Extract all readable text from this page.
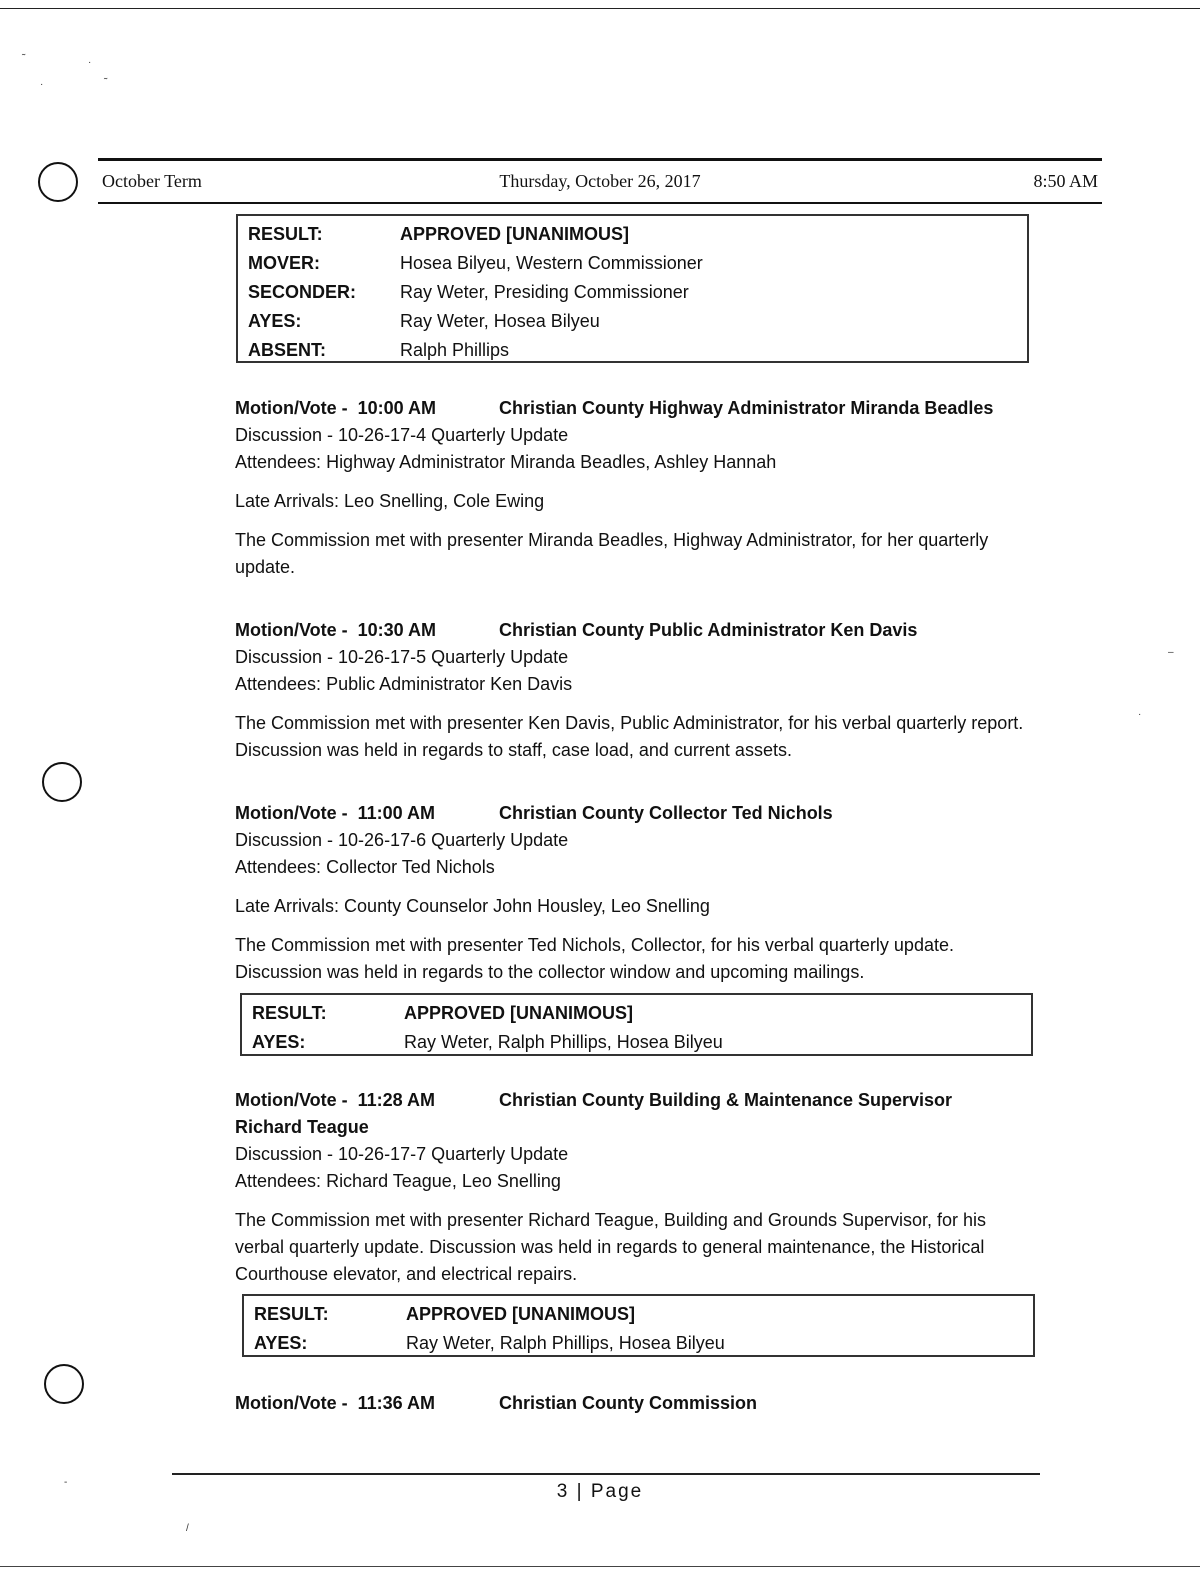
˜	·
·	˜
–
·
-
/
October Term	Thursday, October 26, 2017	8:50 AM
RESULT:	APPROVED [UNANIMOUS]
MOVER:	Hosea Bilyeu, Western Commissioner
SECONDER:	Ray Weter, Presiding Commissioner
AYES:	Ray Weter, Hosea Bilyeu
ABSENT:	Ralph Phillips
Motion/Vote -  10:00 AM	Christian County Highway Administrator Miranda Beadles
Discussion - 10-26-17-4 Quarterly Update
Attendees: Highway Administrator Miranda Beadles, Ashley Hannah
Late Arrivals: Leo Snelling, Cole Ewing

The Commission met with presenter Miranda Beadles, Highway Administrator, for her quarterly update.

Motion/Vote -  10:30 AM	Christian County Public Administrator Ken Davis
Discussion - 10-26-17-5 Quarterly Update
Attendees: Public Administrator Ken Davis

The Commission met with presenter Ken Davis, Public Administrator, for his verbal quarterly report. Discussion was held in regards to staff, case load, and current assets.

Motion/Vote -  11:00 AM	Christian County Collector Ted Nichols
Discussion - 10-26-17-6 Quarterly Update
Attendees: Collector Ted Nichols
Late Arrivals: County Counselor John Housley, Leo Snelling

The Commission met with presenter Ted Nichols, Collector, for his verbal quarterly update. Discussion was held in regards to the collector window and upcoming mailings.

RESULT:	APPROVED [UNANIMOUS]
AYES:	Ray Weter, Ralph Phillips, Hosea Bilyeu
Motion/Vote -  11:28 AM	Christian County Building & Maintenance Supervisor
Richard Teague
Discussion - 10-26-17-7 Quarterly Update
Attendees: Richard Teague, Leo Snelling

The Commission met with presenter Richard Teague, Building and Grounds Supervisor, for his verbal quarterly update. Discussion was held in regards to general maintenance, the Historical Courthouse elevator, and electrical repairs.

RESULT:	APPROVED [UNANIMOUS]
AYES:	Ray Weter, Ralph Phillips, Hosea Bilyeu
Motion/Vote -  11:36 AM	Christian County Commission
3 | Page
